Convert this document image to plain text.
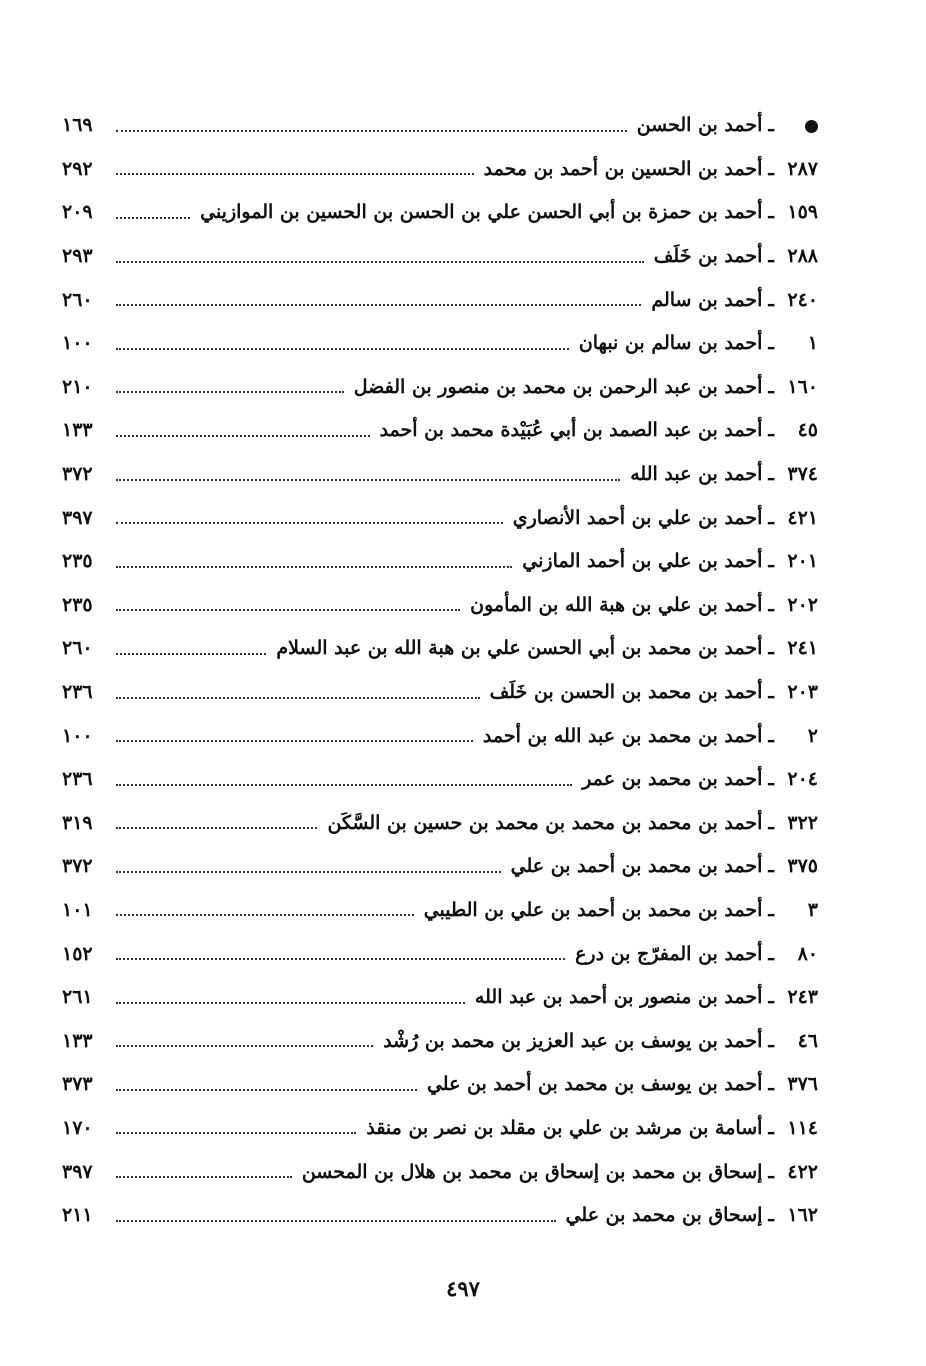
ـ
أحمد بن الحسن
١٦٩
٢٨٧
ـ
أحمد بن الحسين بن أحمد بن محمد
٢٩٢
١٥٩
ـ
أحمد بن حمزة بن أبي الحسن علي بن الحسن بن الحسين بن الموازيني
٢٠٩
٢٨٨
ـ
أحمد بن خَلَف
٢٩٣
٢٤٠
ـ
أحمد بن سالم
٢٦٠
١
ـ
أحمد بن سالم بن نبهان
١٠٠
١٦٠
ـ
أحمد بن عبد الرحمن بن محمد بن منصور بن الفضل
٢١٠
٤٥
ـ
أحمد بن عبد الصمد بن أبي عُبَيْدة محمد بن أحمد
١٣٣
٣٧٤
ـ
أحمد بن عبد الله
٣٧٢
٤٢١
ـ
أحمد بن علي بن أحمد الأنصاري
٣٩٧
٢٠١
ـ
أحمد بن علي بن أحمد المازني
٢٣٥
٢٠٢
ـ
أحمد بن علي بن هبة الله بن المأمون
٢٣٥
٢٤١
ـ
أحمد بن محمد بن أبي الحسن علي بن هبة الله بن عبد السلام
٢٦٠
٢٠٣
ـ
أحمد بن محمد بن الحسن بن خَلَف
٢٣٦
٢
ـ
أحمد بن محمد بن عبد الله بن أحمد
١٠٠
٢٠٤
ـ
أحمد بن محمد بن عمر
٢٣٦
٣٢٢
ـ
أحمد بن محمد بن محمد بن محمد بن حسين بن السَّكَن
٣١٩
٣٧٥
ـ
أحمد بن محمد بن أحمد بن علي
٣٧٢
٣
ـ
أحمد بن محمد بن أحمد بن علي بن الطيبي
١٠١
٨٠
ـ
أحمد بن المفرّج بن درع
١٥٢
٢٤٣
ـ
أحمد بن منصور بن أحمد بن عبد الله
٢٦١
٤٦
ـ
أحمد بن يوسف بن عبد العزيز بن محمد بن رُشْد
١٣٣
٣٧٦
ـ
أحمد بن يوسف بن محمد بن أحمد بن علي
٣٧٣
١١٤
ـ
أسامة بن مرشد بن علي بن مقلد بن نصر بن منقذ
١٧٠
٤٢٢
ـ
إسحاق بن محمد بن إسحاق بن محمد بن هلال بن المحسن
٣٩٧
١٦٢
ـ
إسحاق بن محمد بن علي
٢١١
٤٩٧
